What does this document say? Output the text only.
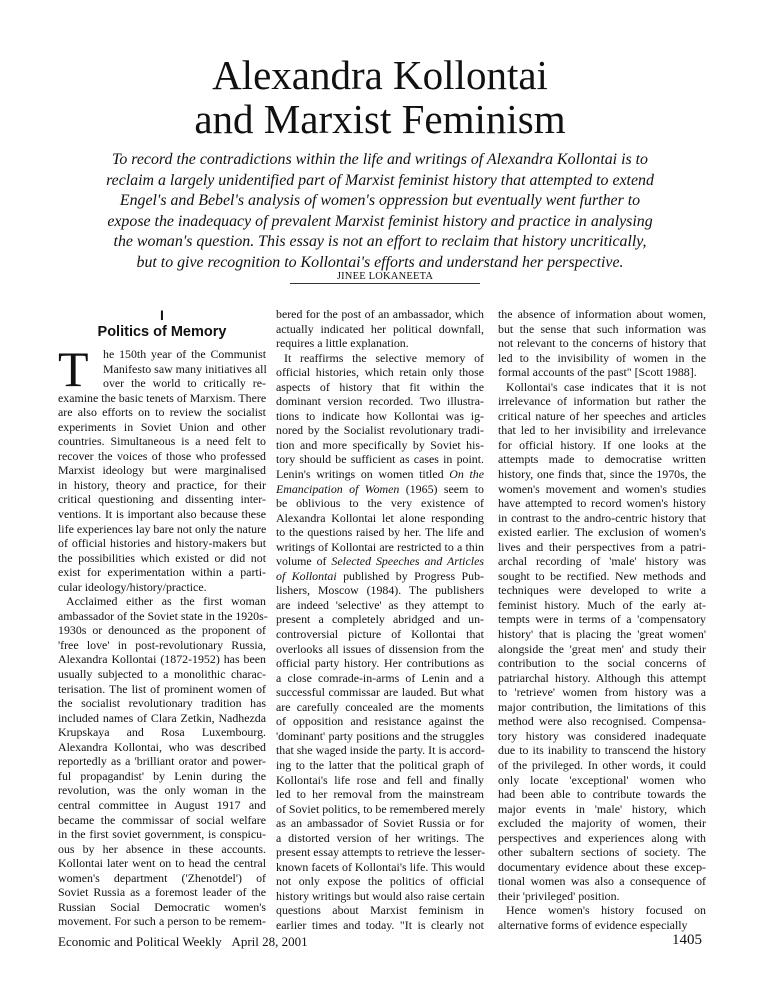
Alexandra Kollontai
and Marxist Feminism
To record the contradictions within the life and writings of Alexandra Kollontai is to
reclaim a largely unidentified part of Marxist feminist history that attempted to extend
Engel's and Bebel's analysis of women's oppression but eventually went further to
expose the inadequacy of prevalent Marxist feminist history and practice in analysing
the woman's question. This essay is not an effort to reclaim that history uncritically,
but to give recognition to Kollontai's efforts and understand her perspective.
JINEE LOKANEETA
I
Politics of Memory
T	he 150th year of the Communist
Manifesto saw many initiatives all
over the world to critically re-
examine the basic tenets of Marxism. There
are also efforts on to review the socialist
experiments in Soviet Union and other
countries. Simultaneous is a need felt to
recover the voices of those who professed
Marxist ideology but were marginalised
in history, theory and practice, for their
critical questioning and dissenting inter-
ventions. It is important also because these
life experiences lay bare not only the nature
of official histories and history-makers but
the possibilities which existed or did not
exist for experimentation within a parti-
cular ideology/history/practice.
Acclaimed either as the first woman
ambassador of the Soviet state in the 1920s-
1930s or denounced as the proponent of
'free love' in post-revolutionary Russia,
Alexandra Kollontai (1872-1952) has been
usually subjected to a monolithic charac-
terisation. The list of prominent women of
the socialist revolutionary tradition has
included names of Clara Zetkin, Nadhezda
Krupskaya and Rosa Luxembourg.
Alexandra Kollontai, who was described
reportedly as a 'brilliant orator and power-
ful propagandist' by Lenin during the
revolution, was the only woman in the
central committee in August 1917 and
became the commissar of social welfare
in the first soviet government, is conspicu-
ous by her absence in these accounts.
Kollontai later went on to head the central
women's department ('Zhenotdel') of
Soviet Russia as a foremost leader of the
Russian Social Democratic women's
movement. For such a person to be remem-
bered for the post of an ambassador, which
actually indicated her political downfall,
requires a little explanation.
It reaffirms the selective memory of
official histories, which retain only those
aspects of history that fit within the
dominant version recorded. Two illustra-
tions to indicate how Kollontai was ig-
nored by the Socialist revolutionary tradi-
tion and more specifically by Soviet his-
tory should be sufficient as cases in point.
Lenin's writings on women titled On the
Emancipation of Women (1965) seem to
be oblivious to the very existence of
Alexandra Kollontai let alone responding
to the questions raised by her. The life and
writings of Kollontai are restricted to a thin
volume of Selected Speeches and Articles
of Kollontai published by Progress Pub-
lishers, Moscow (1984). The publishers
are indeed 'selective' as they attempt to
present a completely abridged and un-
controversial picture of Kollontai that
overlooks all issues of dissension from the
official party history. Her contributions as
a close comrade-in-arms of Lenin and a
successful commissar are lauded. But what
are carefully concealed are the moments
of opposition and resistance against the
'dominant' party positions and the struggles
that she waged inside the party. It is accord-
ing to the latter that the political graph of
Kollontai's life rose and fell and finally
led to her removal from the mainstream
of Soviet politics, to be remembered merely
as an ambassador of Soviet Russia or for
a distorted version of her writings. The
present essay attempts to retrieve the lesser-
known facets of Kollontai's life. This would
not only expose the politics of official
history writings but would also raise certain
questions about Marxist feminism in
earlier times and today. "It is clearly not
the absence of information about women,
but the sense that such information was
not relevant to the concerns of history that
led to the invisibility of women in the
formal accounts of the past" [Scott 1988].
Kollontai's case indicates that it is not
irrelevance of information but rather the
critical nature of her speeches and articles
that led to her invisibility and irrelevance
for official history. If one looks at the
attempts made to democratise written
history, one finds that, since the 1970s, the
women's movement and women's studies
have attempted to record women's history
in contrast to the andro-centric history that
existed earlier. The exclusion of women's
lives and their perspectives from a patri-
archal recording of 'male' history was
sought to be rectified. New methods and
techniques were developed to write a
feminist history. Much of the early at-
tempts were in terms of a 'compensatory
history' that is placing the 'great women'
alongside the 'great men' and study their
contribution to the social concerns of
patriarchal history. Although this attempt
to 'retrieve' women from history was a
major contribution, the limitations of this
method were also recognised. Compensa-
tory history was considered inadequate
due to its inability to transcend the history
of the privileged. In other words, it could
only locate 'exceptional' women who
had been able to contribute towards the
major events in 'male' history, which
excluded the majority of women, their
perspectives and experiences along with
other subaltern sections of society. The
documentary evidence about these excep-
tional women was also a consequence of
their 'privileged' position.
Hence women's history focused on
alternative forms of evidence especially
Economic and Political Weekly April 28, 2001	1405
